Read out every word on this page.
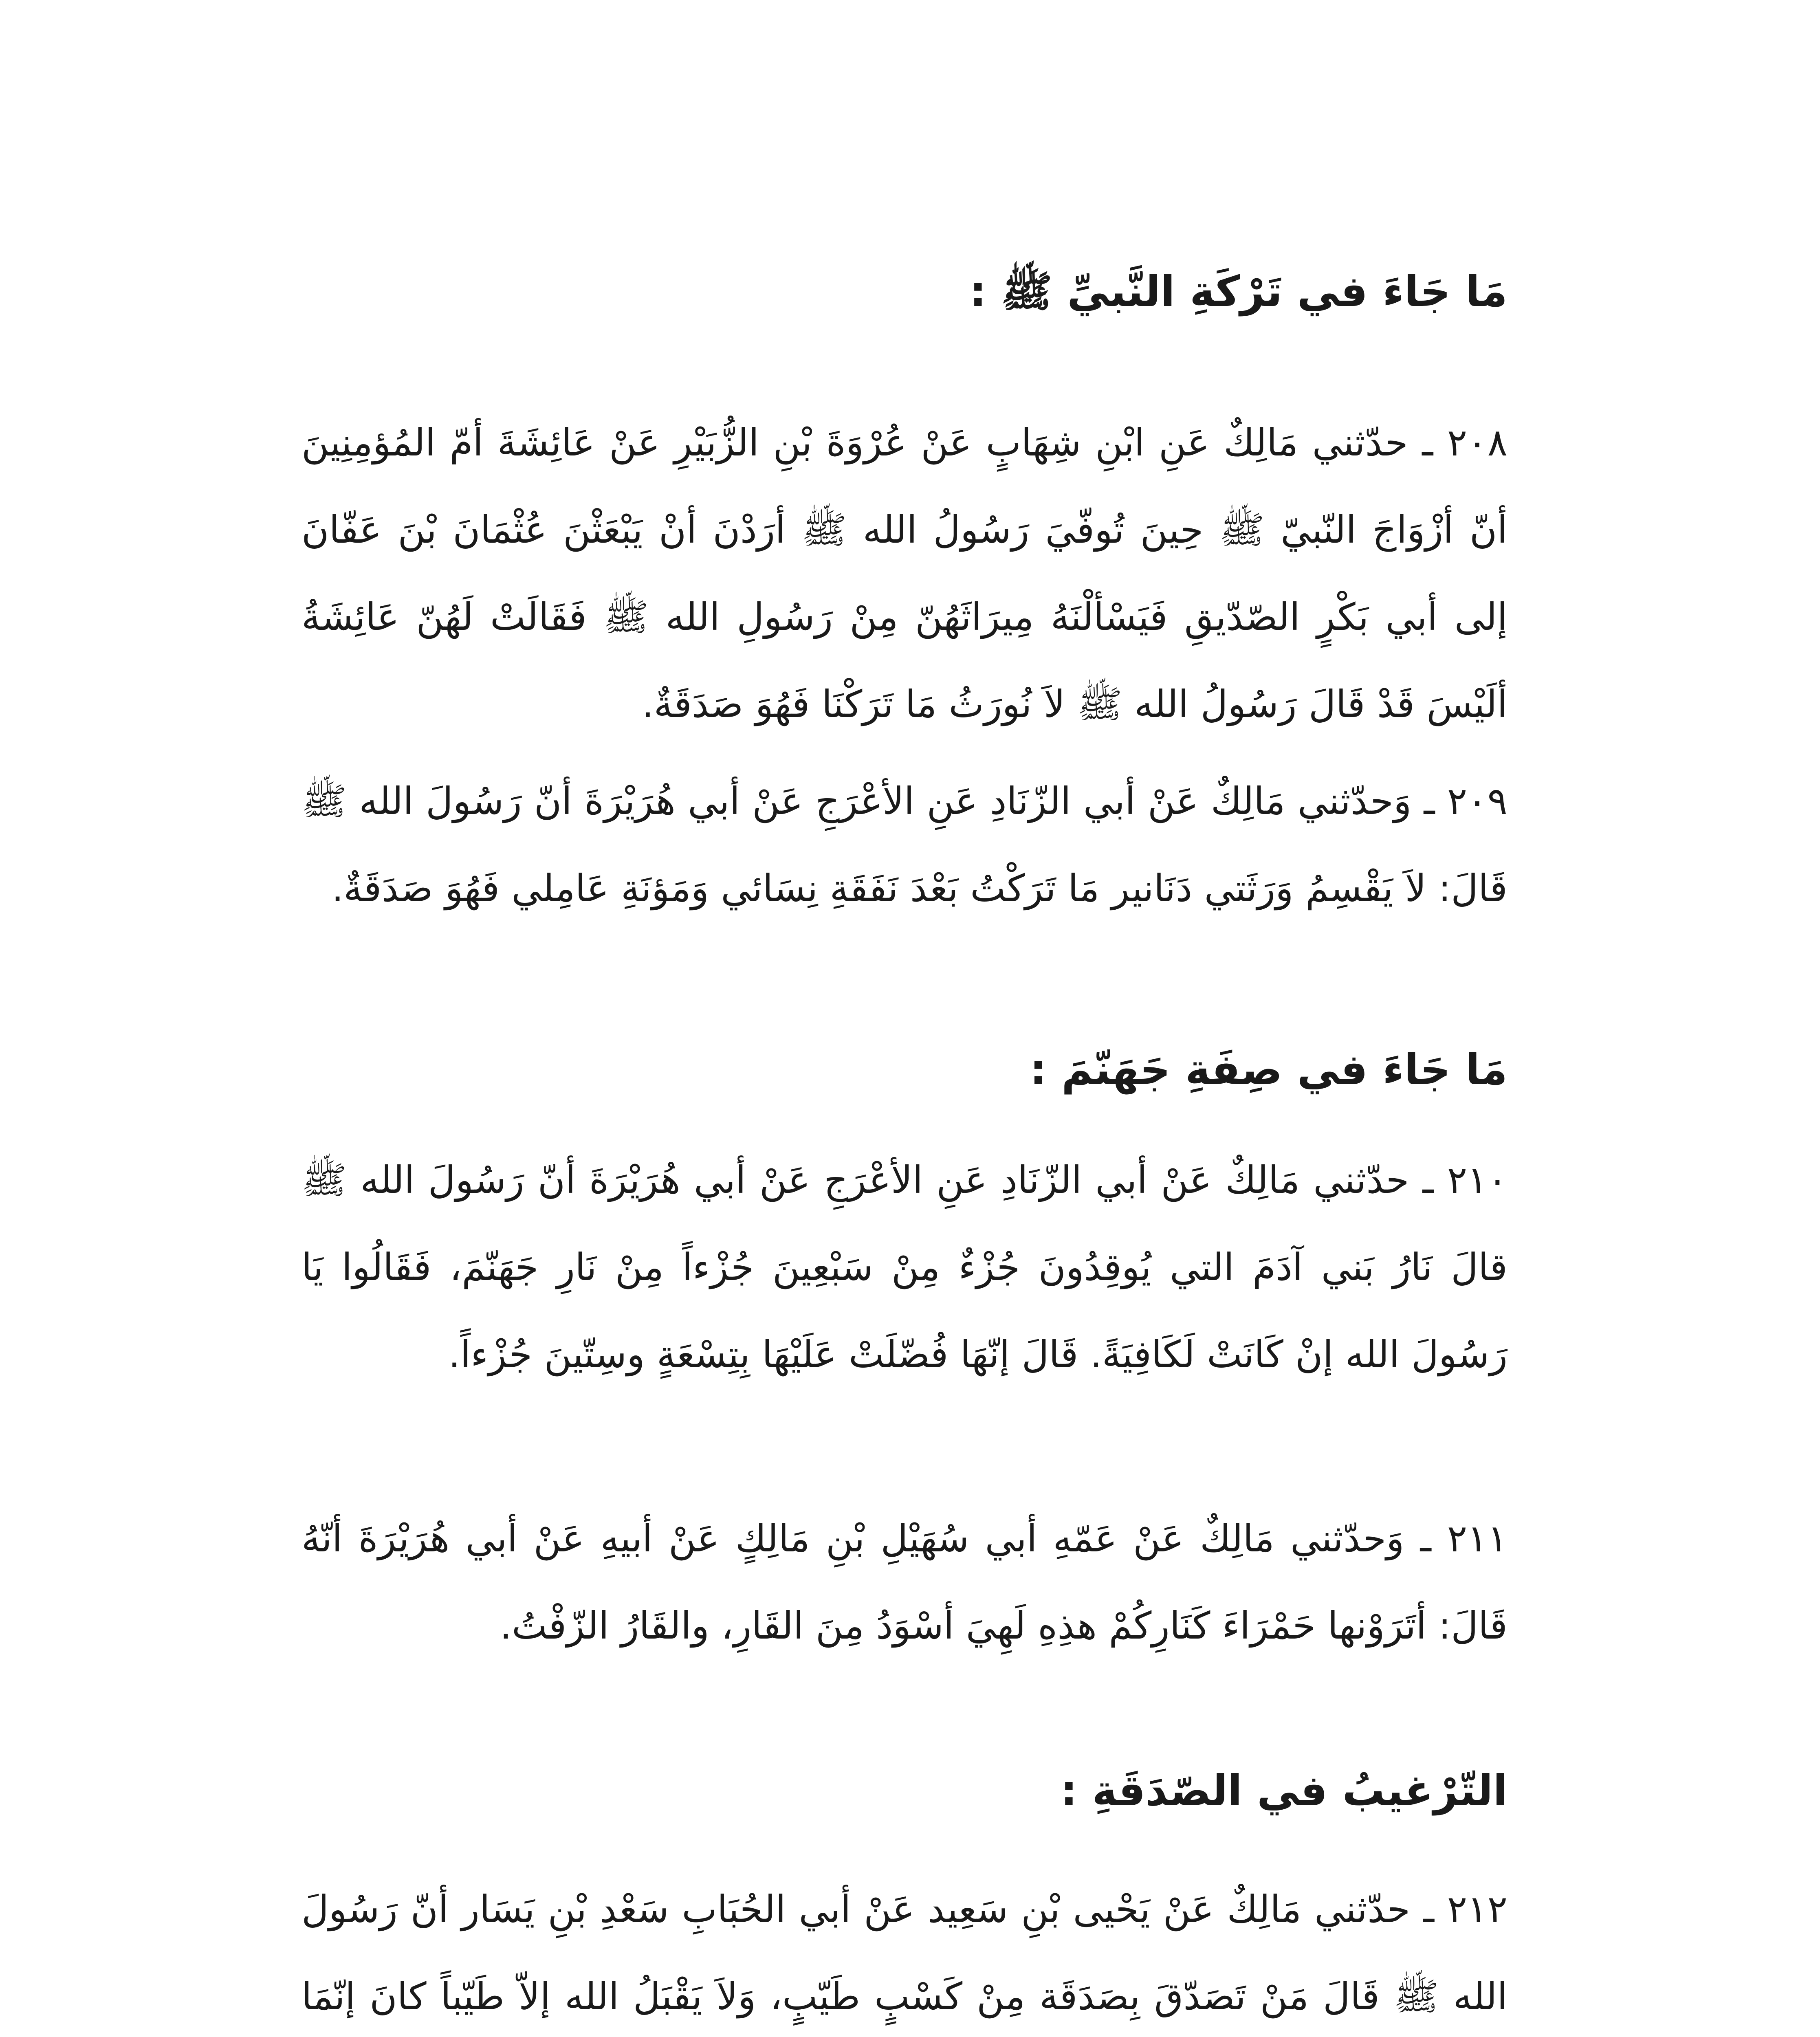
مَا جَاءَ في تَرْكَةِ النَّبيِّ ﷺ :

٢٠٨ ـ حدّثني مَالِكٌ عَنِ ابْنِ شِهَابٍ عَنْ عُرْوَةَ بْنِ الزُّبَيْرِ عَنْ عَائِشَةَ أمّ المُؤمِنِينَ أنّ أزْوَاجَ النّبيّ ﷺ حِينَ تُوفّيَ رَسُولُ الله ﷺ أرَدْنَ أنْ يَبْعَثْنَ عُثْمَانَ بْنَ عَفّانَ إلى أبي بَكْرٍ الصّدّيقِ فَيَسْألْنَهُ مِيرَاثَهُنّ مِنْ رَسُولِ الله ﷺ فَقَالَتْ لَهُنّ عَائِشَةُ ألَيْسَ قَدْ قَالَ رَسُولُ الله ﷺ لاَ نُورَثُ مَا تَرَكْنَا فَهُوَ صَدَقَةٌ.

٢٠٩ ـ وَحدّثني مَالِكٌ عَنْ أبي الزّنَادِ عَنِ الأعْرَجِ عَنْ أبي هُرَيْرَةَ أنّ رَسُولَ الله ﷺ قَالَ: لاَ يَقْسِمُ وَرَثَتي دَنَانير مَا تَرَكْتُ بَعْدَ نَفَقَةِ نِسَائي وَمَؤنَةِ عَامِلي فَهُوَ صَدَقَةٌ.

مَا جَاءَ في صِفَةِ جَهَنّمَ :

٢١٠ ـ حدّثني مَالِكٌ عَنْ أبي الزّنَادِ عَنِ الأعْرَجِ عَنْ أبي هُرَيْرَةَ أنّ رَسُولَ الله ﷺ قالَ نَارُ بَني آدَمَ التي يُوقِدُونَ جُزْءٌ مِنْ سَبْعِينَ جُزْءاً مِنْ نَارِ جَهَنّمَ، فَقَالُوا يَا رَسُولَ الله إنْ كَانَتْ لَكَافِيَةً. قَالَ إنّهَا فُضّلَتْ عَلَيْهَا بِتِسْعَةٍ وسِتّينَ جُزْءاً.

٢١١ ـ وَحدّثني مَالِكٌ عَنْ عَمّهِ أبي سُهَيْلِ بْنِ مَالِكٍ عَنْ أبيهِ عَنْ أبي هُرَيْرَةَ أنّهُ قَالَ: أتَرَوْنها حَمْرَاءَ كَنَارِكُمْ هذِهِ لَهِيَ أسْوَدُ مِنَ القَارِ، والقَارُ الزّفْتُ.

التّرْغيبُ في الصّدَقَةِ :

٢١٢ ـ حدّثني مَالِكٌ عَنْ يَحْيى بْنِ سَعِيد عَنْ أبي الحُبَابِ سَعْدِ بْنِ يَسَار أنّ رَسُولَ الله ﷺ قَالَ مَنْ تَصَدّقَ بِصَدَقَة مِنْ كَسْبٍ طَيّبٍ، وَلاَ يَقْبَلُ الله إلاّ طَيّباً كانَ إنّمَا
